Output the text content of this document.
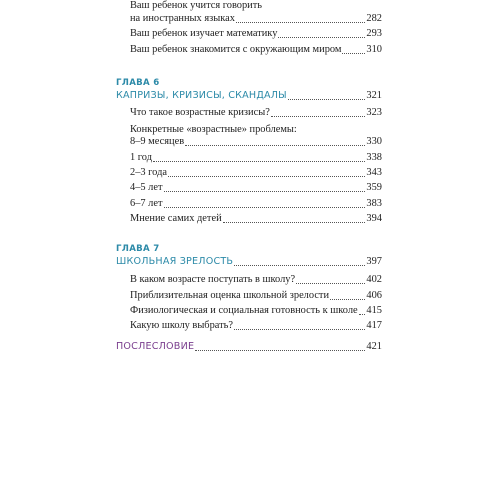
Ваш ребенок учится говорить
на иностранных языках	282
Ваш ребенок изучает математику	293
Ваш ребенок знакомится с окружающим миром 310
ГЛАВА 6
КАПРИЗЫ, КРИЗИСЫ, СКАНДАЛЫ	321
Что такое возрастные кризисы?	323
Конкретные «возрастные» проблемы:
8–9 месяцев	330
1 год	338
2–3 года	343
4–5 лет	359
6–7 лет	383
Мнение самих детей	394
ГЛАВА 7
ШКОЛЬНАЯ ЗРЕЛОСТЬ	397
В каком возрасте поступать в школу?	402
Приблизительная оценка школьной зрелости	406
Физиологическая и социальная готовность к школе 415
Какую школу выбрать?	417
ПОСЛЕСЛОВИЕ	421
